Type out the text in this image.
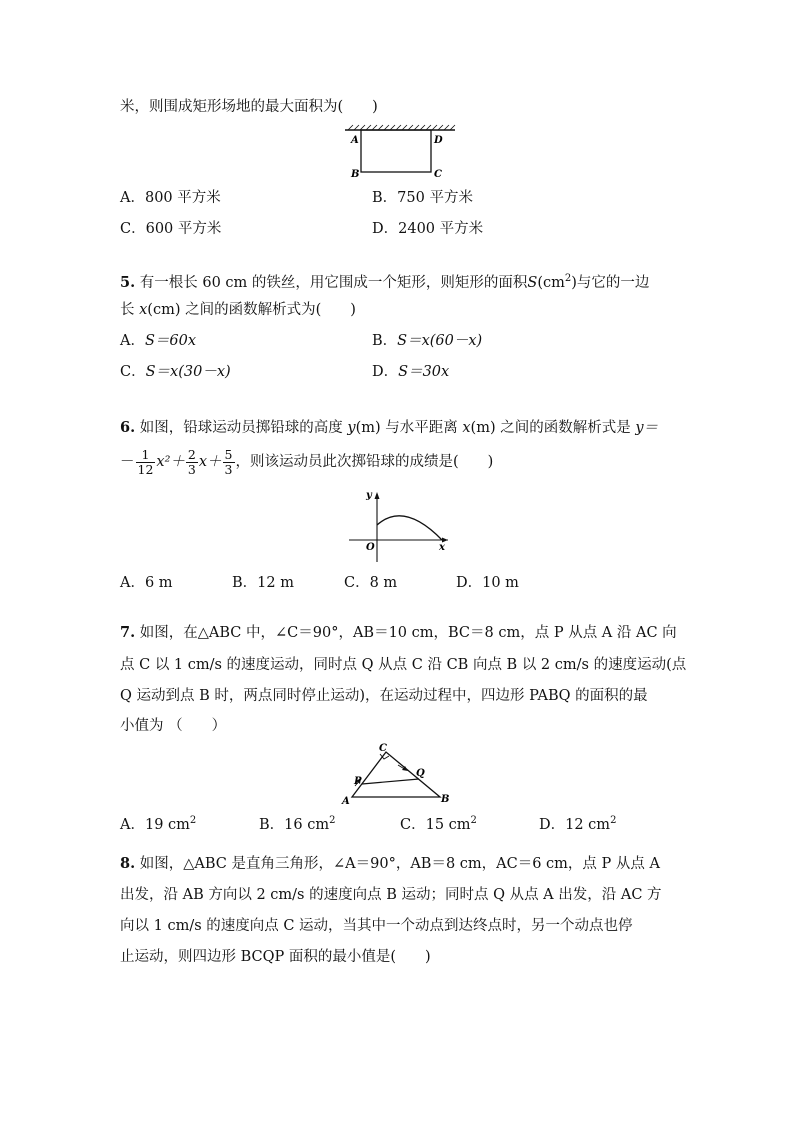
米，则围成矩形场地的最大面积为(　　)
A	D
B	C
A．800 平方米	B．750 平方米
C．600 平方米	D．2400 平方米
5. 有一根长 60 cm 的铁丝，用它围成一个矩形，则矩形的面积$S(cm^2)$与它的一边
长 x(cm) 之间的函数解析式为(　　)
A．S＝60x	B．S＝x(60－x)
C．S＝x(30－x)	D．S＝30x
6. 如图，铅球运动员掷铅球的高度 y(m) 与水平距离 x(m) 之间的函数解析式是 y＝
－ $\frac{1}{12} x^2+ \frac{2}{3} x+ \frac{5}{3}$ ，则该运动员此次掷铅球的成绩是(　　)
y
x
O
A．6 m	B．12 m	C．8 m	D．10 m
7. 如图，在△ABC 中，∠C＝90°，AB＝10 cm，BC＝8 cm，点 P 从点 A 沿 AC 向
点 C 以 1 cm/s 的速度运动，同时点 Q 从点 C 沿 CB 向点 B 以 2 cm/s 的速度运动(点
Q 运动到点 B 时，两点同时停止运动)，在运动过程中，四边形 PABQ 的面积的最
小值为 （　　）
A	B
C
P
Q
A．19 $cm^2$	B．16 $cm^2$	C．15 $cm^2$	D．12 $cm^2$
8. 如图，△ABC 是直角三角形，∠A＝90°，AB＝8 cm，AC＝6 cm，点 P 从点 A
出发，沿 AB 方向以 2 cm/s 的速度向点 B 运动；同时点 Q 从点 A 出发，沿 AC 方
向以 1 cm/s 的速度向点 C 运动，当其中一个动点到达终点时，另一个动点也停
止运动，则四边形 BCQP 面积的最小值是(　　)
